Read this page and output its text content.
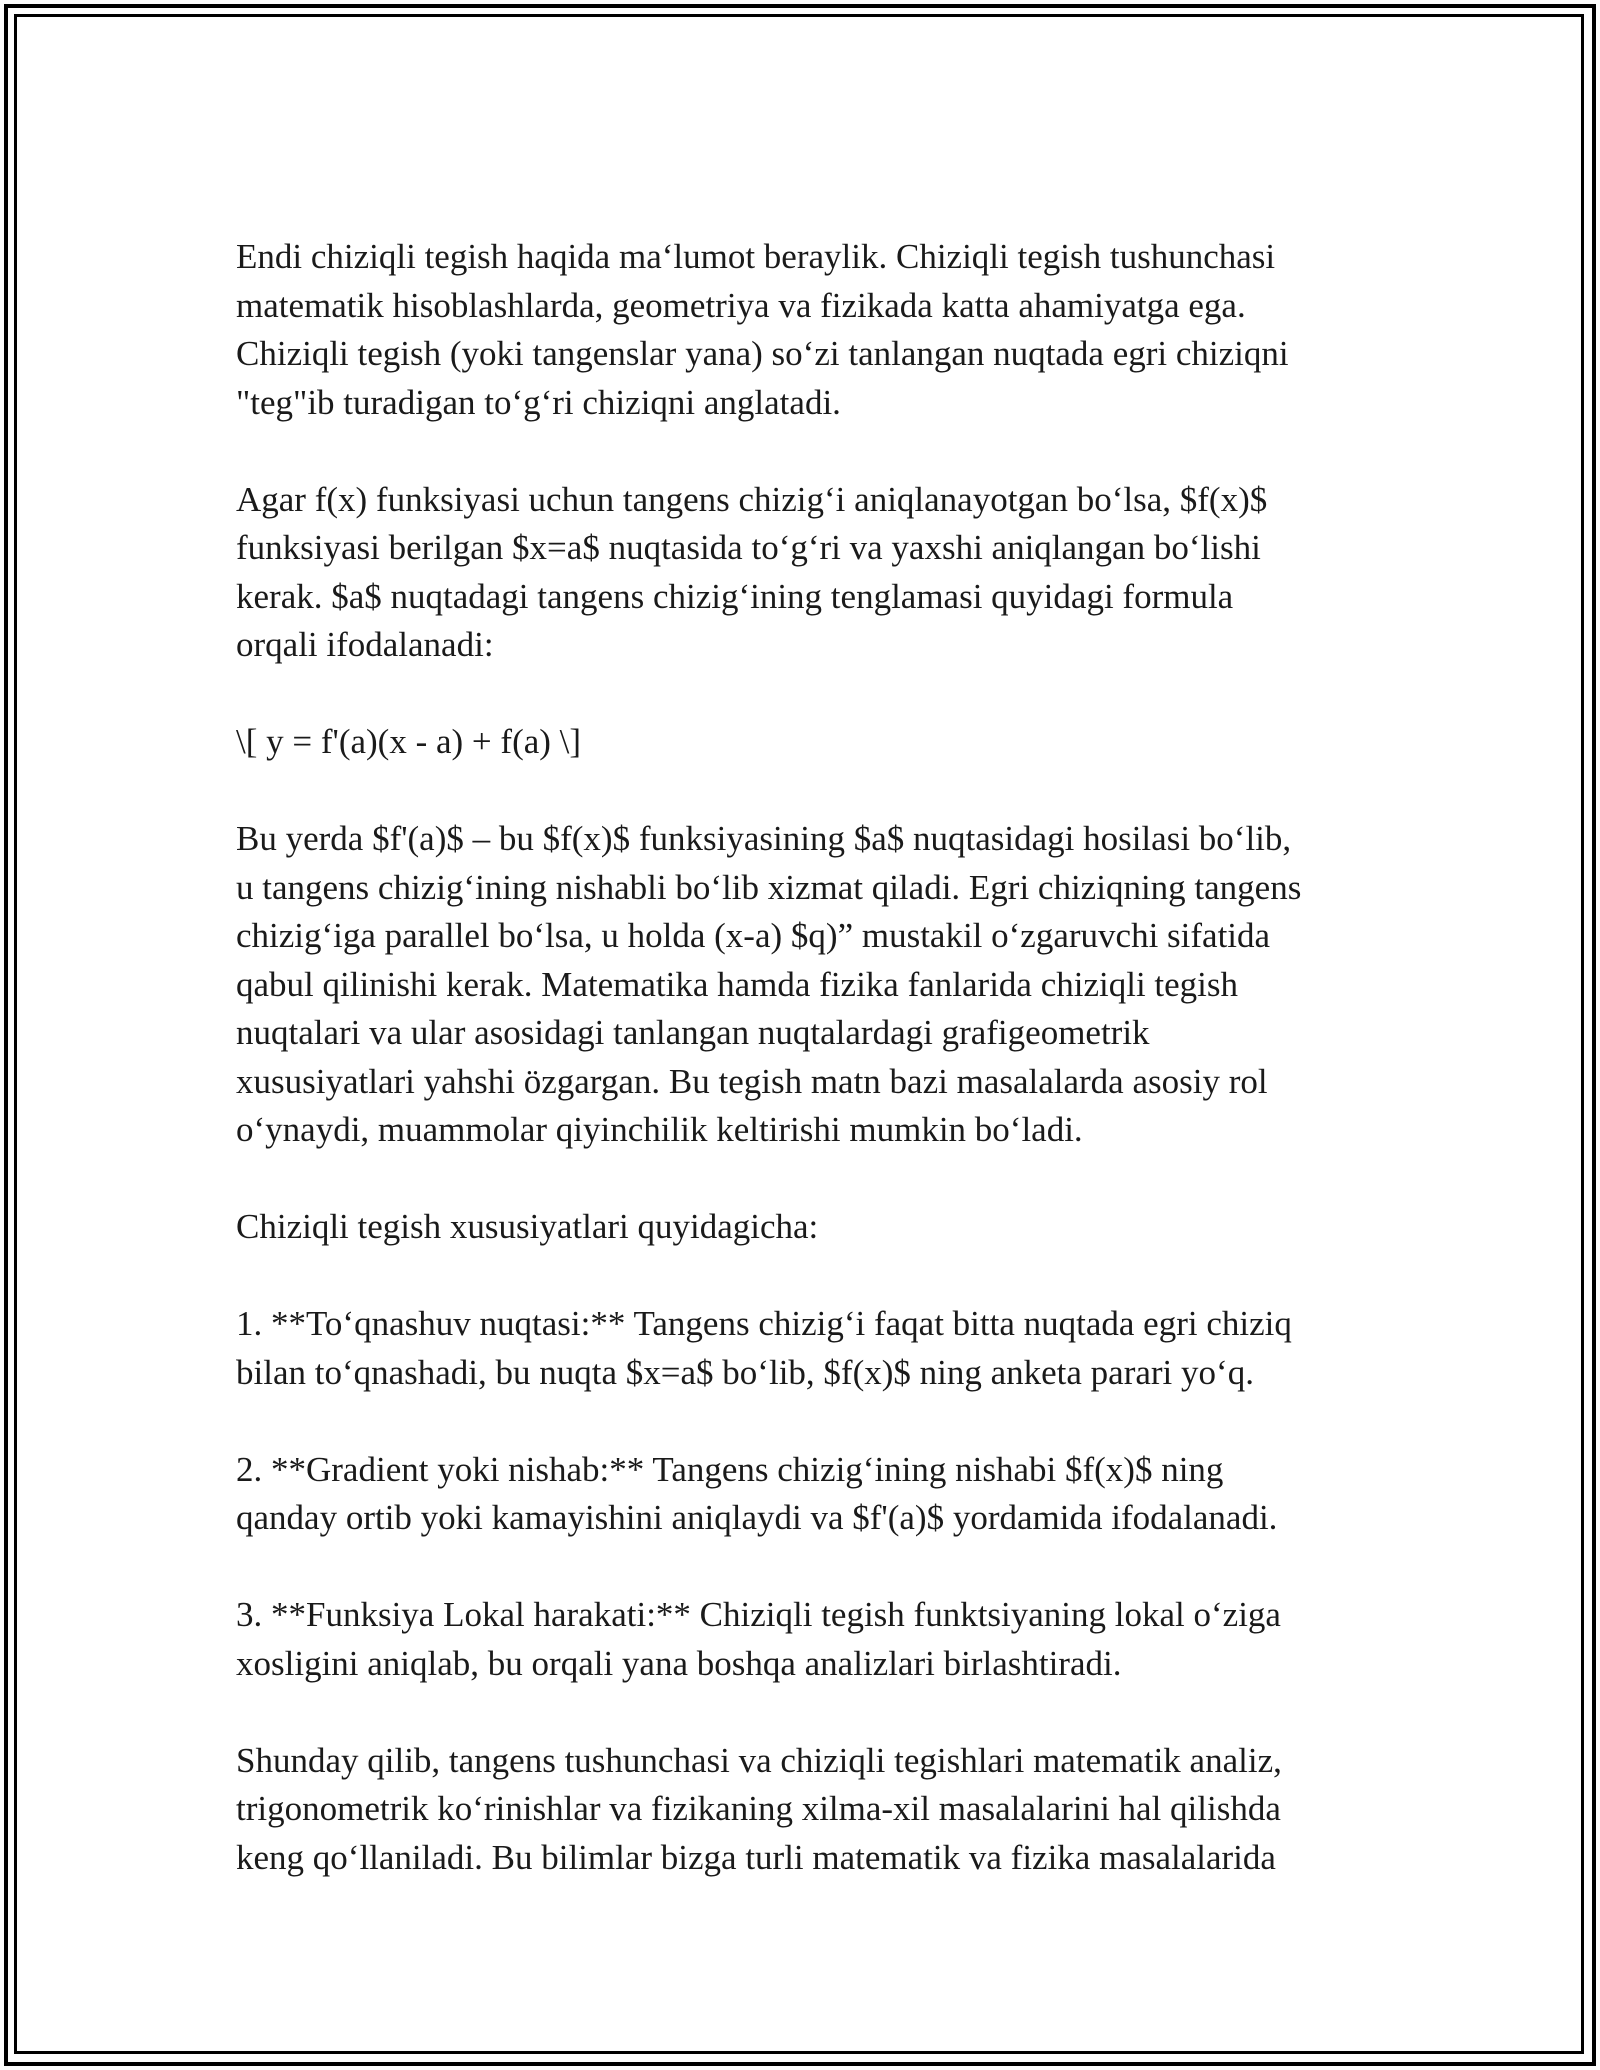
Endi chiziqli tegish haqida maʻlumot beraylik. Chiziqli tegish tushunchasi
matematik hisoblashlarda, geometriya va fizikada katta ahamiyatga ega.
Chiziqli tegish (yoki tangenslar yana) soʻzi tanlangan nuqtada egri chiziqni
"teg"ib turadigan toʻgʻri chiziqni anglatadi.

Agar f(x) funksiyasi uchun tangens chizigʻi aniqlanayotgan boʻlsa, $f(x)$
funksiyasi berilgan $x=a$ nuqtasida toʻgʻri va yaxshi aniqlangan boʻlishi
kerak. $a$ nuqtadagi tangens chizigʻining tenglamasi quyidagi formula
orqali ifodalanadi:

\[ y = f'(a)(x - a) + f(a) \]

Bu yerda $f'(a)$ – bu $f(x)$ funksiyasining $a$ nuqtasidagi hosilasi boʻlib,
u tangens chizigʻining nishabli boʻlib xizmat qiladi. Egri chiziqning tangens
chizigʻiga parallel boʻlsa, u holda (x-a) $q)” mustakil oʻzgaruvchi sifatida
qabul qilinishi kerak. Matematika hamda fizika fanlarida chiziqli tegish
nuqtalari va ular asosidagi tanlangan nuqtalardagi grafigeometrik
xususiyatlari yahshi özgargan. Bu tegish matn bazi masalalarda asosiy rol
oʻynaydi, muammolar qiyinchilik keltirishi mumkin boʻladi.

Chiziqli tegish xususiyatlari quyidagicha:

1. **Toʻqnashuv nuqtasi:** Tangens chizigʻi faqat bitta nuqtada egri chiziq
bilan toʻqnashadi, bu nuqta $x=a$ boʻlib, $f(x)$ ning anketa parari yoʻq.

2. **Gradient yoki nishab:** Tangens chizigʻining nishabi $f(x)$ ning
qanday ortib yoki kamayishini aniqlaydi va $f'(a)$ yordamida ifodalanadi.

3. **Funksiya Lokal harakati:** Chiziqli tegish funktsiyaning lokal oʻziga
xosligini aniqlab, bu orqali yana boshqa analizlari birlashtiradi.

Shunday qilib, tangens tushunchasi va chiziqli tegishlari matematik analiz,
trigonometrik koʻrinishlar va fizikaning xilma-xil masalalarini hal qilishda
keng qoʻllaniladi. Bu bilimlar bizga turli matematik va fizika masalalarida
